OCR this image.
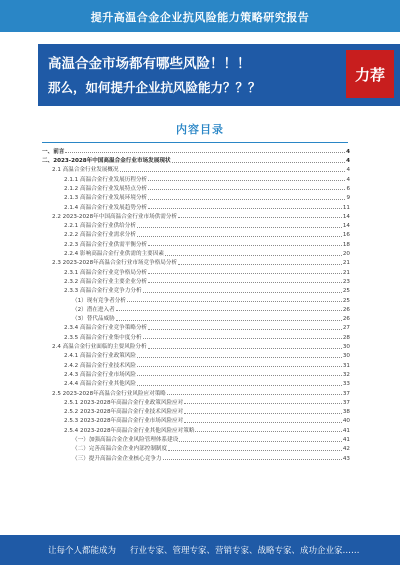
提升高温合金企业抗风险能力策略研究报告
高温合金市场都有哪些风险！！！
那么，如何提升企业抗风险能力？？？
力荐
内容目录
一、前言	4
二、2023-2028年中国高温合金行业市场发展现状	4
2.1 高温合金行业发展概况	4
2.1.1 高温合金行业发展历程分析	4
2.1.2 高温合金行业发展特点分析	6
2.1.3 高温合金行业发展环境分析	9
2.1.4 高温合金行业发展趋势分析	11
2.2 2023-2028年中国高温合金行业市场供需分析	14
2.2.1 高温合金行业供给分析	14
2.2.2 高温合金行业需求分析	16
2.2.3 高温合金行业供需平衡分析	18
2.2.4 影响高温合金行业供需的主要因素	20
2.3 2023-2028年高温合金行业市场竞争格局分析	21
2.3.1 高温合金行业竞争格局分析	21
2.3.2 高温合金行业主要企业分析	23
2.3.3 高温合金行业竞争力分析	25
（1）现有竞争者分析	25
（2）潜在进入者	26
（3）替代品威胁	26
2.3.4 高温合金行业竞争策略分析	27
2.3.5 高温合金行业集中度分析	28
2.4 高温合金行业面临的主要风险分析	30
2.4.1 高温合金行业政策风险	30
2.4.2 高温合金行业技术风险	31
2.4.3 高温合金行业市场风险	32
2.4.4 高温合金行业其他风险	33
2.5 2023-2028年高温合金行业风险应对策略	37
2.5.1 2023-2028年高温合金行业政策风险应对	37
2.5.2 2023-2028年高温合金行业技术风险应对	38
2.5.3 2023-2028年高温合金行业市场风险应对	40
2.5.4 2023-2028年高温合金行业其他风险应对策略	41
（一）加强高温合金企业风险管理体系建设	41
（二）完善高温合金企业内部控制制度	42
（三）提升高温合金企业核心竞争力	43
让每个人都能成为 行业专家、管理专家、营销专家、战略专家、成功企业家……
